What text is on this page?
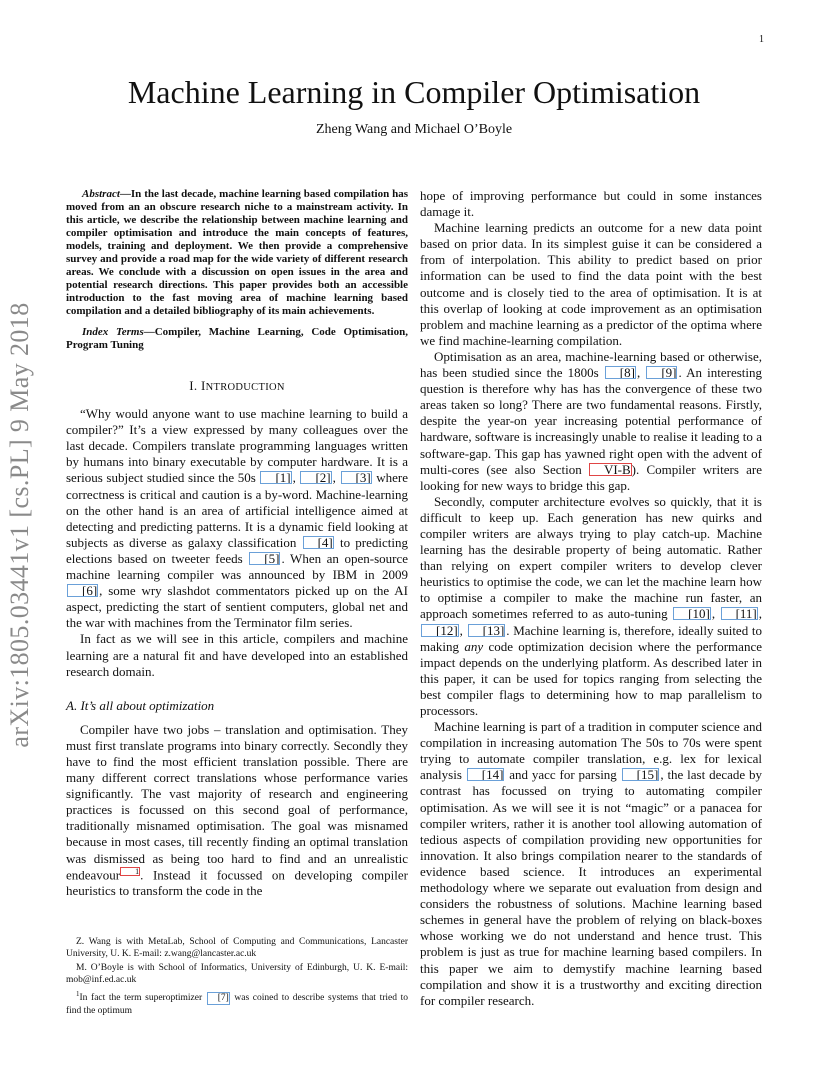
1
arXiv:1805.03441v1 [cs.PL] 9 May 2018
Machine Learning in Compiler Optimisation
Zheng Wang and Michael O’Boyle

Abstract—In the last decade, machine learning based compilation has moved from an an obscure research niche to a mainstream activity. In this article, we describe the relationship between machine learning and compiler optimisation and introduce the main concepts of features, models, training and deployment. We then provide a comprehensive survey and provide a road map for the wide variety of different research areas. We conclude with a discussion on open issues in the area and potential research directions. This paper provides both an accessible introduction to the fast moving area of machine learning based compilation and a detailed bibliography of its main achievements.

Index Terms—Compiler, Machine Learning, Code Optimisation, Program Tuning

I. INTRODUCTION

“Why would anyone want to use machine learning to build a compiler?” It’s a view expressed by many colleagues over the last decade. Compilers translate programming languages written by humans into binary executable by computer hardware. It is a serious subject studied since the 50s [1] , [2] , [3] where correctness is critical and caution is a by-word. Machine-learning on the other hand is an area of artificial intelligence aimed at detecting and predicting patterns. It is a dynamic field looking at subjects as diverse as galaxy classification [4] to predicting elections based on tweeter feeds [5] . When an open-source machine learning compiler was announced by IBM in 2009 [6] , some wry slashdot commentators picked up on the AI aspect, predicting the start of sentient computers, global net and the war with machines from the Terminator film series.

In fact as we will see in this article, compilers and machine learning are a natural fit and have developed into an established research domain.

A. It’s all about optimization

Compiler have two jobs – translation and optimisation. They must first translate programs into binary correctly. Secondly they have to find the most efficient translation possible. There are many different correct translations whose performance varies significantly. The vast majority of research and engineering practices is focussed on this second goal of performance, traditionally misnamed optimisation. The goal was misnamed because in most cases, till recently finding an optimal translation was dismissed as being too hard to find and an unrealistic endeavour 1. Instead it focussed on developing compiler heuristics to transform the code in the

Z. Wang is with MetaLab, School of Computing and Communications, Lancaster University, U. K. E-mail: z.wang@lancaster.ac.uk

M. O’Boyle is with School of Informatics, University of Edinburgh, U. K. E-mail: mob@inf.ed.ac.uk

$^1$In fact the term superoptimizer [7] was coined to describe systems that tried to find the optimum

hope of improving performance but could in some instances damage it.

Machine learning predicts an outcome for a new data point based on prior data. In its simplest guise it can be considered a from of interpolation. This ability to predict based on prior information can be used to find the data point with the best outcome and is closely tied to the area of optimisation. It is at this overlap of looking at code improvement as an optimisation problem and machine learning as a predictor of the optima where we find machine-learning compilation.

Optimisation as an area, machine-learning based or otherwise, has been studied since the 1800s [8] , [9] . An interesting question is therefore why has has the convergence of these two areas taken so long? There are two fundamental reasons. Firstly, despite the year-on year increasing potential performance of hardware, software is increasingly unable to realise it leading to a software-gap. This gap has yawned right open with the advent of multi-cores (see also Section VI-B). Compiler writers are looking for new ways to bridge this gap.

Secondly, computer architecture evolves so quickly, that it is difficult to keep up. Each generation has new quirks and compiler writers are always trying to play catch-up. Machine learning has the desirable property of being automatic. Rather than relying on expert compiler writers to develop clever heuristics to optimise the code, we can let the machine learn how to optimise a compiler to make the machine run faster, an approach sometimes referred to as auto-tuning [10] , [11] , [12] , [13] . Machine learning is, therefore, ideally suited to making any code optimization decision where the performance impact depends on the underlying platform. As described later in this paper, it can be used for topics ranging from selecting the best compiler flags to determining how to map parallelism to processors.

Machine learning is part of a tradition in computer science and compilation in increasing automation The 50s to 70s were spent trying to automate compiler translation, e.g. lex for lexical analysis [14] and yacc for parsing [15] , the last decade by contrast has focussed on trying to automating compiler optimisation. As we will see it is not “magic” or a panacea for compiler writers, rather it is another tool allowing automation of tedious aspects of compilation providing new opportunities for innovation. It also brings compilation nearer to the standards of evidence based science. It introduces an experimental methodology where we separate out evaluation from design and considers the robustness of solutions. Machine learning based schemes in general have the problem of relying on black-boxes whose working we do not understand and hence trust. This problem is just as true for machine learning based compilers. In this paper we aim to demystify machine learning based compilation and show it is a trustworthy and exciting direction for compiler research.
